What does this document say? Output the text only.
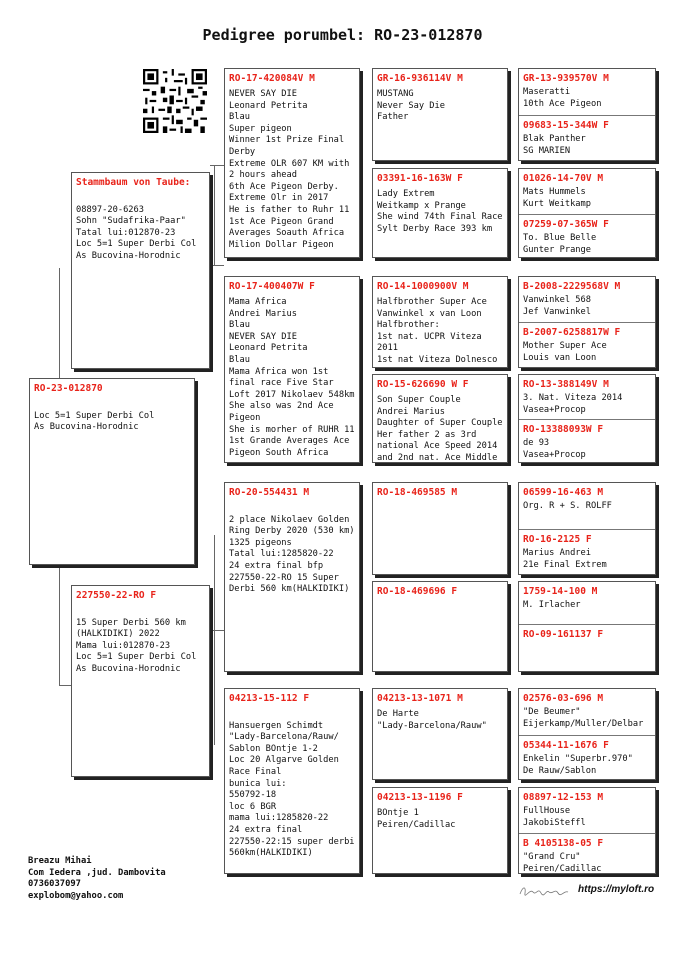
Pedigree porumbel: RO-23-012870
RO-23-012870

Loc 5=1 Super Derbi Col
As Bucovina-Horodnic
Stammbaum von Taube:

08897-20-6263
Sohn "Sudafrika-Paar"
Tatal lui:012870-23
Loc 5=1 Super Derbi Col
As Bucovina-Horodnic
227550-22-RO F

15 Super Derbi 560 km
(HALKIDIKI) 2022
Mama lui:012870-23
Loc 5=1 Super Derbi Col
As Bucovina-Horodnic
RO-17-420084V M
NEVER SAY DIE
Leonard Petrita
Blau
Super pigeon
Winner 1st Prize Final
Derby
Extreme OLR 607 KM with
2 hours ahead
6th Ace Pigeon Derby.
Extreme Olr in 2017
He is father to Ruhr 11
1st Ace Pigeon Grand
Averages Soauth Africa
Milion Dollar Pigeon
RO-17-400407W F
Mama Africa
Andrei Marius
Blau
NEVER SAY DIE
Leonard Petrita
Blau
Mama Africa won 1st
final race Five Star
Loft 2017 Nikolaev 548km
She also was 2nd Ace
Pigeon
She is morher of RUHR 11
1st Grande Averages Ace
Pigeon South Africa
RO-20-554431 M

2 place Nikolaev Golden
Ring Derby 2020 (530 km)
1325 pigeons
Tatal lui:1285820-22
24 extra final bfp
227550-22-RO 15 Super
Derbi 560 km(HALKIDIKI)
04213-15-112 F

Hansuergen Schimdt
"Lady-Barcelona/Rauw/
Sablon BOntje 1-2
Loc 20 Algarve Golden
Race Final
bunica lui:
550792-18
loc 6 BGR
mama lui:1285820-22
24 extra final
227550-22:15 super derbi
560km(HALKIDIKI)
GR-16-936114V M
MUSTANG
Never Say Die
Father
03391-16-163W F
Lady Extrem
Weitkamp x Prange
She wind 74th Final Race
Sylt Derby Race 393 km
RO-14-1000900V M
Halfbrother Super Ace
Vanwinkel x van Loon
Halfbrother:
1st nat. UCPR Viteza
2011
1st nat Viteza Dolnesco
RO-15-626690 W F
Son Super Couple
Andrei Marius
Daughter of Super Couple
Her father 2 as 3rd
national Ace Speed 2014
and 2nd nat. Ace Middle
RO-18-469585 M
RO-18-469696 F
04213-13-1071 M
De Harte
"Lady-Barcelona/Rauw"
04213-13-1196 F
BOntje 1
Peiren/Cadillac
GR-13-939570V M
Maseratti
10th Ace Pigeon
09683-15-344W F
Blak Panther
SG MARIEN
01026-14-70V M
Mats Hummels
Kurt Weitkamp
07259-07-365W F
To. Blue Belle
Gunter Prange
B-2008-2229568V M
Vanwinkel 568
Jef Vanwinkel
B-2007-6258817W F
Mother Super Ace
Louis van Loon
RO-13-388149V M
3. Nat. Viteza 2014
Vasea+Procop
RO-13388093W F
de 93
Vasea+Procop
06599-16-463 M
Org. R + S. ROLFF
RO-16-2125 F
Marius Andrei
21e Final Extrem
1759-14-100 M
M. Irlacher
RO-09-161137 F
02576-03-696 M
"De Beumer"
Eijerkamp/Muller/Delbar
05344-11-1676 F
Enkelin "Superbr.970"
De Rauw/Sablon
08897-12-153 M
FullHouse
JakobiSteffl
B 4105138-05 F
"Grand Cru"
Peiren/Cadillac
Breazu Mihai
Com Iedera ,jud. Dambovita
0736037097
explobom@yahoo.com
https://myloft.ro
